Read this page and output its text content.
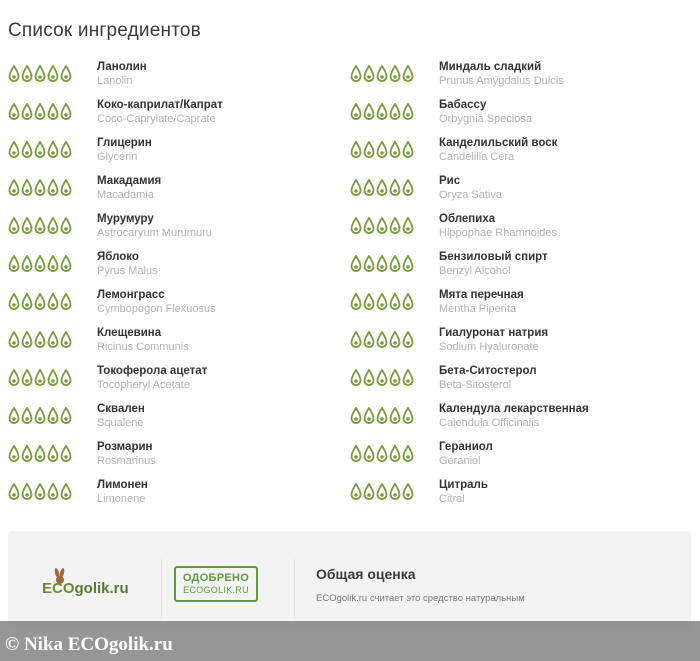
Список ингредиентов
Ланолин
Lanolin
Коко-каприлат/Капрат
Coco-Caprylate/Caprate
Глицерин
Glycerin
Макадамия
Macadamia
Мурумуру
Astrocaryum Murumuru
Яблоко
Pyrus Malus
Лемонграсс
Cymbopogon Flexuosus
Клещевина
Ricinus Communis
Токоферола ацетат
Tocopheryl Acetate
Сквален
Squalene
Розмарин
Rosmarinus
Лимонен
Limonene
Миндаль сладкий
Prunus Amygdalus Dulcis
Бабассу
Orbygnia Speciosa
Канделильский воск
Candelilla Cera
Рис
Oryza Sativa
Облепиха
Hippophae Rhamnoides
Бензиловый спирт
Benzyl Alcohol
Мята перечная
Mentha Piperita
Гиалуронат натрия
Sodium Hyaluronate
Бета-Ситостерол
Beta-Sitosterol
Календула лекарственная
Calendula Officinalis
Гераниол
Geraniol
Цитраль
Citral
ECOgolik.ru
ОДОБРЕНО
ECOGOLIK.RU
Общая оценка
ECOgolik.ru считает это средство натуральным
© Nika ECOgolik.ru
